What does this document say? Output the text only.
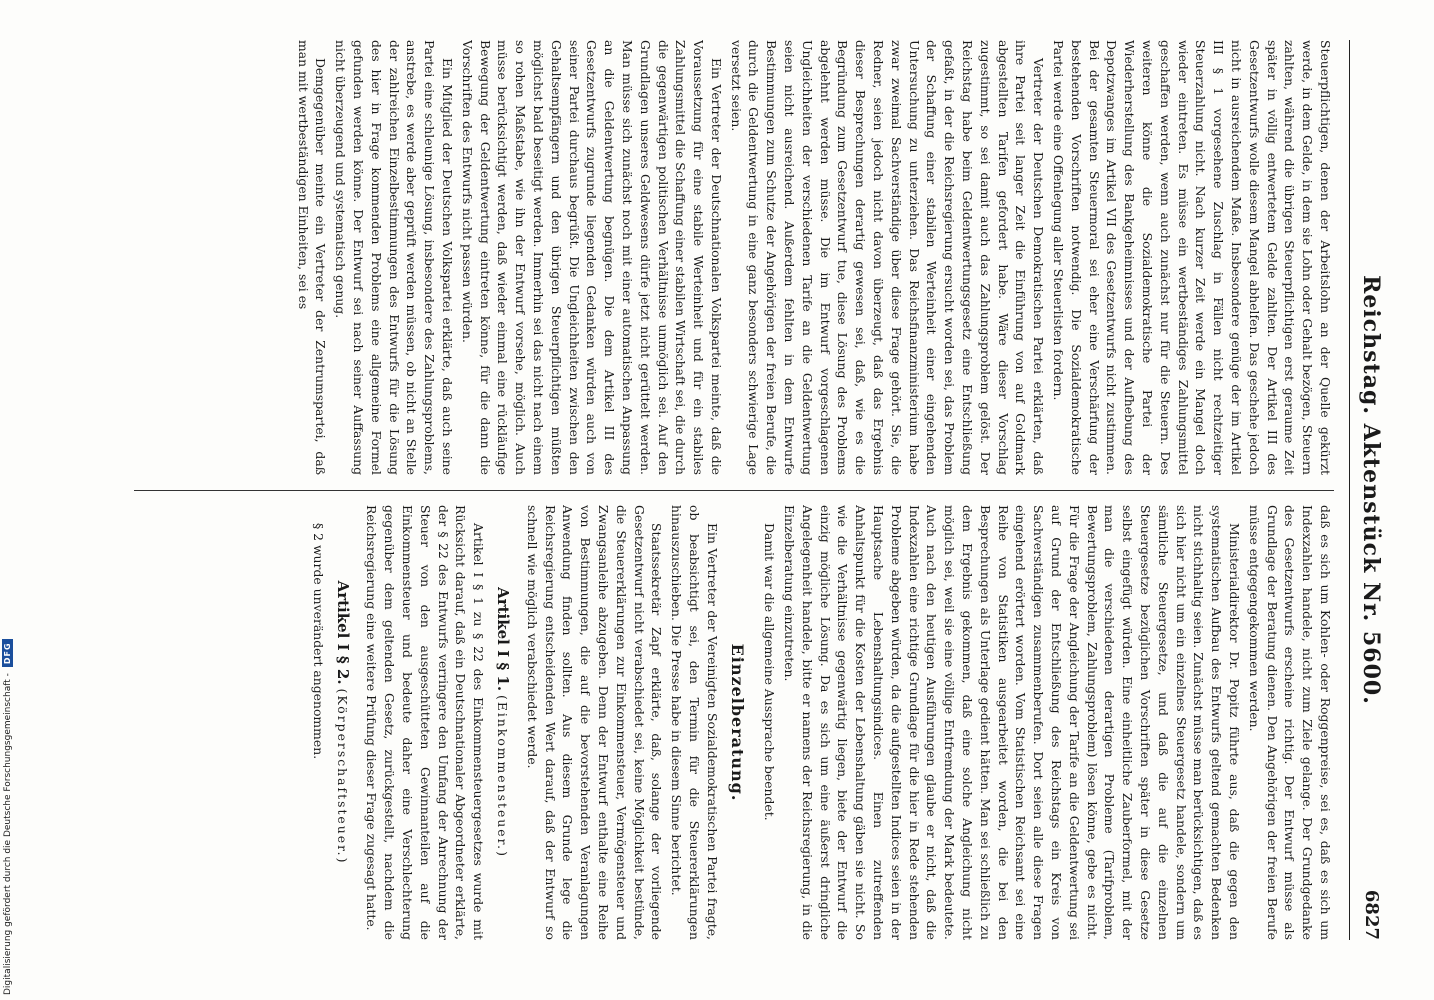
Digitalisierung gefördert durch die Deutsche Forschungsgemeinschaft -
DFG	Reichstag. Aktenstück Nr. 5600.
6827

Steuerpflichtigen, denen der Arbeitslohn an der Quelle gekürzt werde, in dem Gelde, in dem sie Lohn oder Gehalt bezögen, Steuern zahlten, während die übrigen Steuerpflichtigen erst geraume Zeit später in völlig entwertetem Gelde zahlten. Der Artikel III des Gesetzentwurfs wolle diesem Mangel abhelfen. Das geschehe jedoch nicht in ausreichendem Maße. Insbesondere genüge der im Artikel III § 1 vorgesehene Zuschlag in Fällen nicht rechtzeitiger Steuerzahlung nicht. Nach kurzer Zeit werde ein Mangel doch wieder eintreten. Es müsse ein wertbeständiges Zahlungsmittel geschaffen werden, wenn auch zunächst nur für die Steuern. Des weiteren könne die Sozialdemokratische Partei der Wiederherstellung des Bankgeheimnisses und der Aufhebung des Depotzwanges im Artikel VII des Gesetzentwurfs nicht zustimmen. Bei der gesamten Steuermoral sei eher eine Verschärfung der bestehenden Vorschriften notwendig. Die Sozialdemokratische Partei werde eine Offenlegung aller Steuerlisten fordern.

Vertreter der Deutschen Demokratischen Partei erklärten, daß ihre Partei seit langer Zeit die Einführung von auf Goldmark abgestellten Tarifen gefordert habe. Wäre dieser Vorschlag zugestimmt, so sei damit auch das Zahlungsproblem gelöst. Der Reichstag habe beim Geldentwertungsgesetz eine Entschließung gefaßt, in der die Reichsregierung ersucht worden sei, das Problem der Schaffung einer stabilen Werteinheit einer eingehenden Untersuchung zu unterziehen. Das Reichsfinanzministerium habe zwar zweimal Sachverständige über diese Frage gehört. Sie, die Redner, seien jedoch nicht davon überzeugt, daß das Ergebnis dieser Besprechungen derartig gewesen sei, daß, wie es die Begründung zum Gesetzentwurf tue, diese Lösung des Problems abgelehnt werden müsse. Die im Entwurf vorgeschlagenen Ungleichheiten der verschiedenen Tarife an die Geldentwertung seien nicht ausreichend. Außerdem fehlten in dem Entwurfe Bestimmungen zum Schutze der Angehörigen der freien Berufe, die durch die Geldentwertung in eine ganz besonders schwierige Lage versetzt seien.

Ein Vertreter der Deutschnationalen Volkspartei meinte, daß die Voraussetzung für eine stabile Werteinheit und für ein stabiles Zahlungsmittel die Schaffung einer stabilen Wirtschaft sei, die durch die gegenwärtigen politischen Verhältnisse unmöglich sei. Auf den Grundlagen unseres Geldwesens dürfe jetzt nicht gerüttelt werden. Man müsse sich zunächst noch mit einer automatischen Anpassung an die Geldentwertung begnügen. Die dem Artikel III des Gesetzentwurfs zugrunde liegenden Gedanken würden auch von seiner Partei durchaus begrüßt. Die Ungleichheiten zwischen den Gehaltsempfängern und den übrigen Steuerpflichtigen müßten möglichst bald beseitigt werden. Immerhin sei das nicht nach einem so rohen Maßstabe, wie ihn der Entwurf vorsehe, möglich. Auch müsse berücksichtigt werden, daß wieder einmal eine rückläufige Bewegung der Geldentwertung eintreten könne, für die dann die Vorschriften des Entwurfs nicht passen würden.

Ein Mitglied der Deutschen Volkspartei erklärte, daß auch seine Partei eine schleunige Lösung, insbesondere des Zahlungsproblems, anstrebe, es werde aber geprüft werden müssen, ob nicht an Stelle der zahlreichen Einzelbestimmungen des Entwurfs für die Lösung des hier in Frage kommenden Problems eine allgemeine Formel gefunden werden könne. Der Entwurf sei nach seiner Auffassung nicht überzeugend und systematisch genug.

Demgegenüber meinte ein Vertreter der Zentrumspartei, daß man mit wertbeständigen Einheiten, sei es

daß es sich um Kohlen- oder Roggenpreise, sei es, daß es sich um Indexzahlen handele, nicht zum Ziele gelange. Der Grundgedanke des Gesetzentwurfs erscheine richtig. Der Entwurf müsse als Grundlage der Beratung dienen. Den Angehörigen der freien Berufe müsse entgegengekommen werden.

Ministerialdirektor Dr. Popitz führte aus, daß die gegen den systematischen Aufbau des Entwurfs geltend gemachten Bedenken nicht stichhaltig seien. Zunächst müsse man berücksichtigen, daß es sich hier nicht um ein einzelnes Steuergesetz handele, sondern um sämtliche Steuergesetze, und daß die auf die einzelnen Steuergesetze bezüglichen Vorschriften später in diese Gesetze selbst eingefügt würden. Eine einheitliche Zauberformel, mit der man die verschiedenen derartigen Probleme (Tarifproblem, Bewertungsproblem, Zahlungsproblem) lösen könne, gebe es nicht. Für die Frage der Angleichung der Tarife an die Geldentwertung sei auf Grund der Entschließung des Reichstags ein Kreis von Sachverständigen zusammenberufen. Dort seien alle diese Fragen eingehend erörtert worden. Vom Statistischen Reichsamt sei eine Reihe von Statistiken ausgearbeitet worden, die bei den Besprechungen als Unterlage gedient hätten. Man sei schließlich zu dem Ergebnis gekommen, daß eine solche Angleichung nicht möglich sei, weil sie eine völlige Entfremdung der Mark bedeutete. Auch nach den heutigen Ausführungen glaube er nicht, daß die Indexzahlen eine richtige Grundlage für die hier in Rede stehenden Probleme abgeben würden, da die aufgestellten Indices seien in der Hauptsache Lebenshaltungsindices. Einen zutreffenden Anhaltspunkt für die Kosten der Lebenshaltung gäben sie nicht. So wie die Verhältnisse gegenwärtig liegen, biete der Entwurf die einzig mögliche Lösung. Da es sich um eine äußerst dringliche Angelegenheit handele, bitte er namens der Reichsregierung, in die Einzelberatung einzutreten.

Damit war die allgemeine Aussprache beendet.

Einzelberatung.

Ein Vertreter der Vereinigten Sozialdemokratischen Partei fragte, ob beabsichtigt sei, den Termin für die Steuererklärungen hinauszuschieben. Die Presse habe in diesem Sinne berichtet.

Staatssekretär Zapf erklärte, daß, solange der vorliegende Gesetzentwurf nicht verabschiedet sei, keine Möglichkeit bestünde, die Steuererklärungen zur Einkommensteuer, Vermögensteuer und Zwangsanleihe abzugeben. Denn der Entwurf enthalte eine Reihe von Bestimmungen, die auf die bevorstehenden Veranlagungen Anwendung finden sollten. Aus diesem Grunde lege die Reichsregierung entscheidenden Wert darauf, daß der Entwurf so schnell wie möglich verabschiedet werde.

Artikel I § 1. (Einkommensteuer.)

Artikel I § 1 zu § 22 des Einkommensteuergesetzes wurde mit Rücksicht darauf, daß ein Deutschnationaler Abgeordneter erklärte, der § 22 des Entwurfs verringere den Umfang der Anrechnung der Steuer von den ausgeschütteten Gewinnanteilen auf die Einkommensteuer und bedeute daher eine Verschlechterung gegenüber dem geltenden Gesetz, zurückgestellt, nachdem die Reichsregierung eine weitere Prüfung dieser Frage zugesagt hatte.

Artikel I § 2. (Körperschaftsteuer.)

§ 2 wurde unverändert angenommen.
